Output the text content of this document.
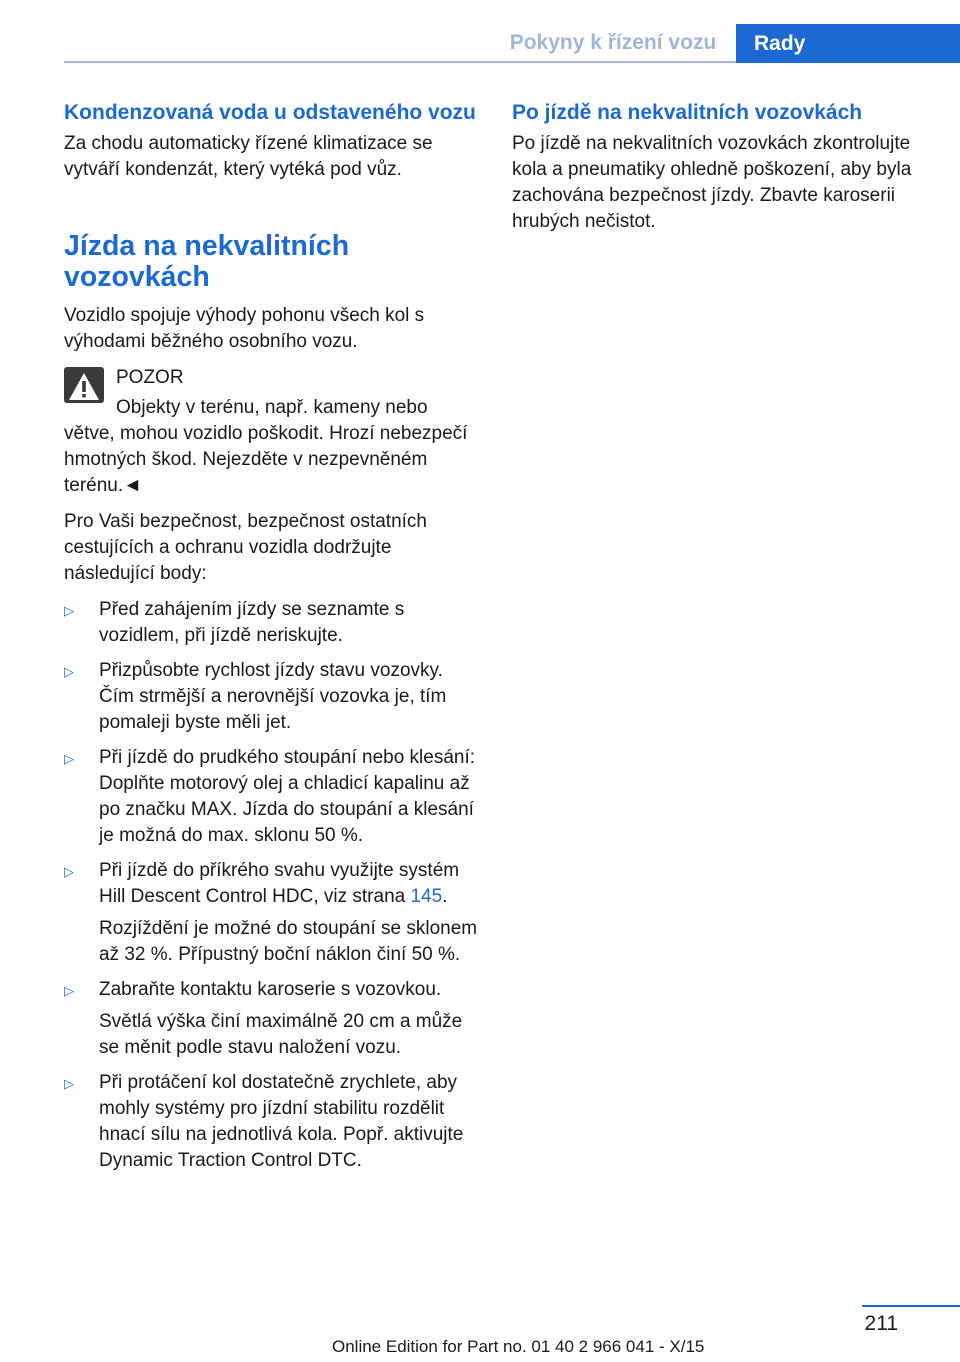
Pokyny k řízení vozu	Rady
Kondenzovaná voda u odstaveného vozu

Za chodu automaticky řízené klimatizace se vytváří kondenzát, který vytéká pod vůz.

Jízda na nekvalitních vozovkách

Vozidlo spojuje výhody pohonu všech kol s výhodami běžného osobního vozu.

POZOR

Objekty v terénu, např. kameny nebo větve, mohou vozidlo poškodit. Hrozí nebezpečí hmotných škod. Nejezděte v nezpevněném terénu.◄

Pro Vaši bezpečnost, bezpečnost ostatních cestujících a ochranu vozidla dodržujte následující body:

▷	Před zahájením jízdy se seznamte s vozidlem, při jízdě neriskujte.
▷	Přizpůsobte rychlost jízdy stavu vozovky. Čím strmější a nerovnější vozovka je, tím pomaleji byste měli jet.
▷	Při jízdě do prudkého stoupání nebo klesání: Doplňte motorový olej a chladicí kapalinu až po značku MAX. Jízda do stoupání a klesání je možná do max. sklonu 50 %.
▷	Při jízdě do příkrého svahu využijte systém Hill Descent Control HDC, viz strana 145.

Rozjíždění je možné do stoupání se sklonem až 32 %. Přípustný boční náklon činí 50 %.

▷	Zabraňte kontaktu karoserie s vozovkou.

Světlá výška činí maximálně 20 cm a může se měnit podle stavu naložení vozu.

▷	Při protáčení kol dostatečně zrychlete, aby mohly systémy pro jízdní stabilitu rozdělit hnací sílu na jednotlivá kola. Popř. aktivujte Dynamic Traction Control DTC.
Po jízdě na nekvalitních vozovkách

Po jízdě na nekvalitních vozovkách zkontrolujte kola a pneumatiky ohledně poškození, aby byla zachována bezpečnost jízdy. Zbavte karoserii hrubých nečistot.

211
Online Edition for Part no. 01 40 2 966 041 - X/15
